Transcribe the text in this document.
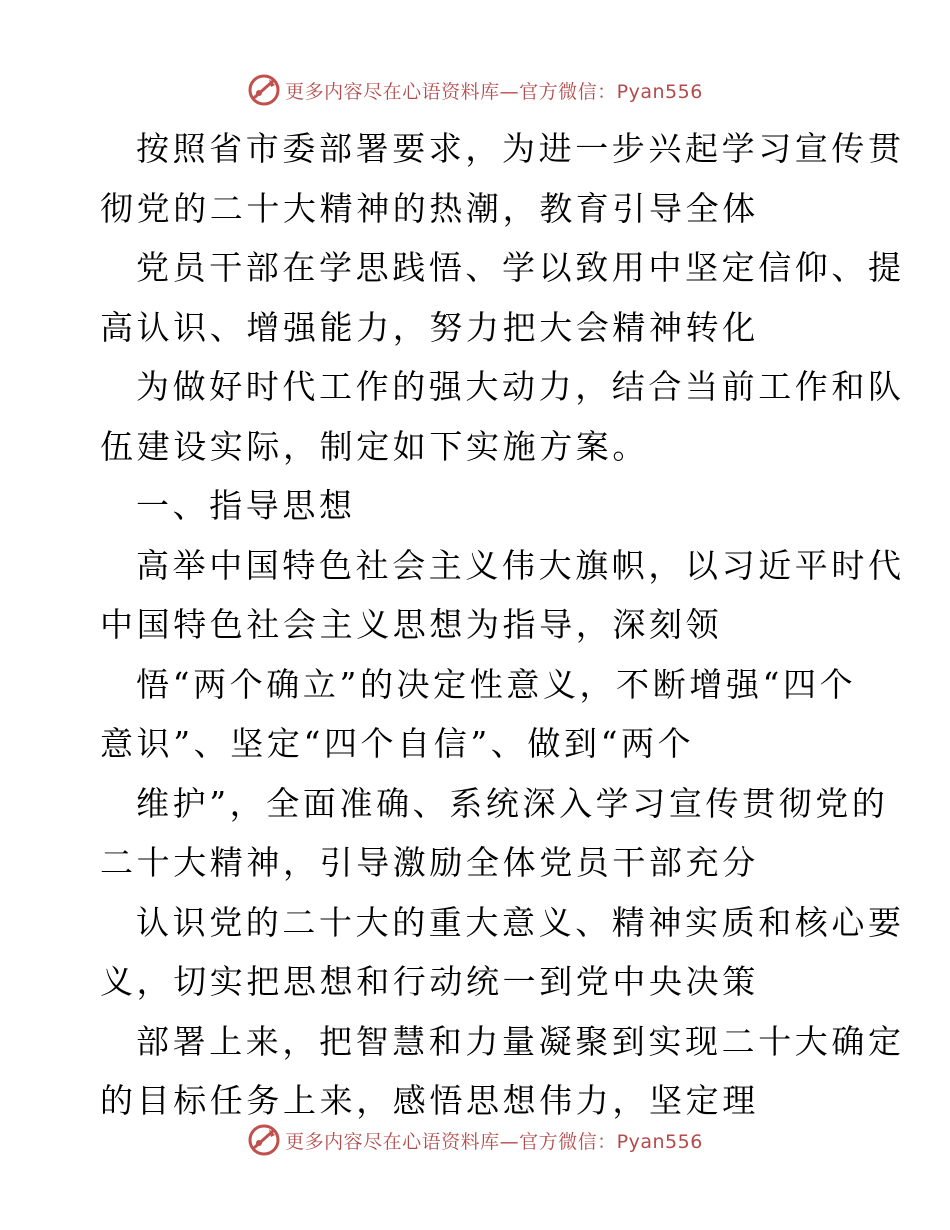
更多内容尽在心语资料库—官方微信：Pyan556
按照省市委部署要求，为进一步兴起学习宣传贯
彻党的二十大精神的热潮，教育引导全体
党员干部在学思践悟、学以致用中坚定信仰、提
高认识、增强能力，努力把大会精神转化
为做好时代工作的强大动力，结合当前工作和队
伍建设实际，制定如下实施方案。
一、指导思想
高举中国特色社会主义伟大旗帜，以习近平时代
中国特色社会主义思想为指导，深刻领
悟“两个确立”的决定性意义，不断增强“四个
意识”、坚定“四个自信”、做到“两个
维护”，全面准确、系统深入学习宣传贯彻党的
二十大精神，引导激励全体党员干部充分
认识党的二十大的重大意义、精神实质和核心要
义，切实把思想和行动统一到党中央决策
部署上来，把智慧和力量凝聚到实现二十大确定
的目标任务上来，感悟思想伟力，坚定理
更多内容尽在心语资料库—官方微信：Pyan556
